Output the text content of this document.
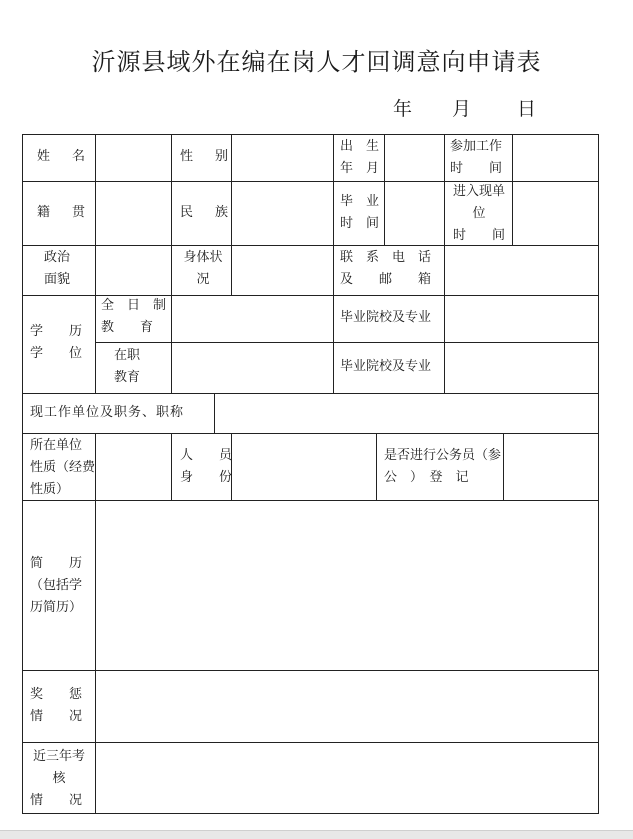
沂源县域外在编在岗人才回调意向申请表
年 月 日
姓 名	性 别
出　生
年　月
参加工作
时　　间
籍 贯	民 族
毕　业
时　间
进入现单
位
时　　间
政治
面貌
身体状
况
联　系　电　话
及　　邮　　箱
学　　历
学　　位
全　日　制
教　　育
在职
教育
毕业院校及专业
毕业院校及专业
现工作单位及职务、职称
所在单位
性质（经费
性质）
人　　员
身　　份
是否进行公务员（参
公　）　登　记
简　　历
（包括学
历简历）
奖　　惩
情　　况
近三年考
核
情　　况
